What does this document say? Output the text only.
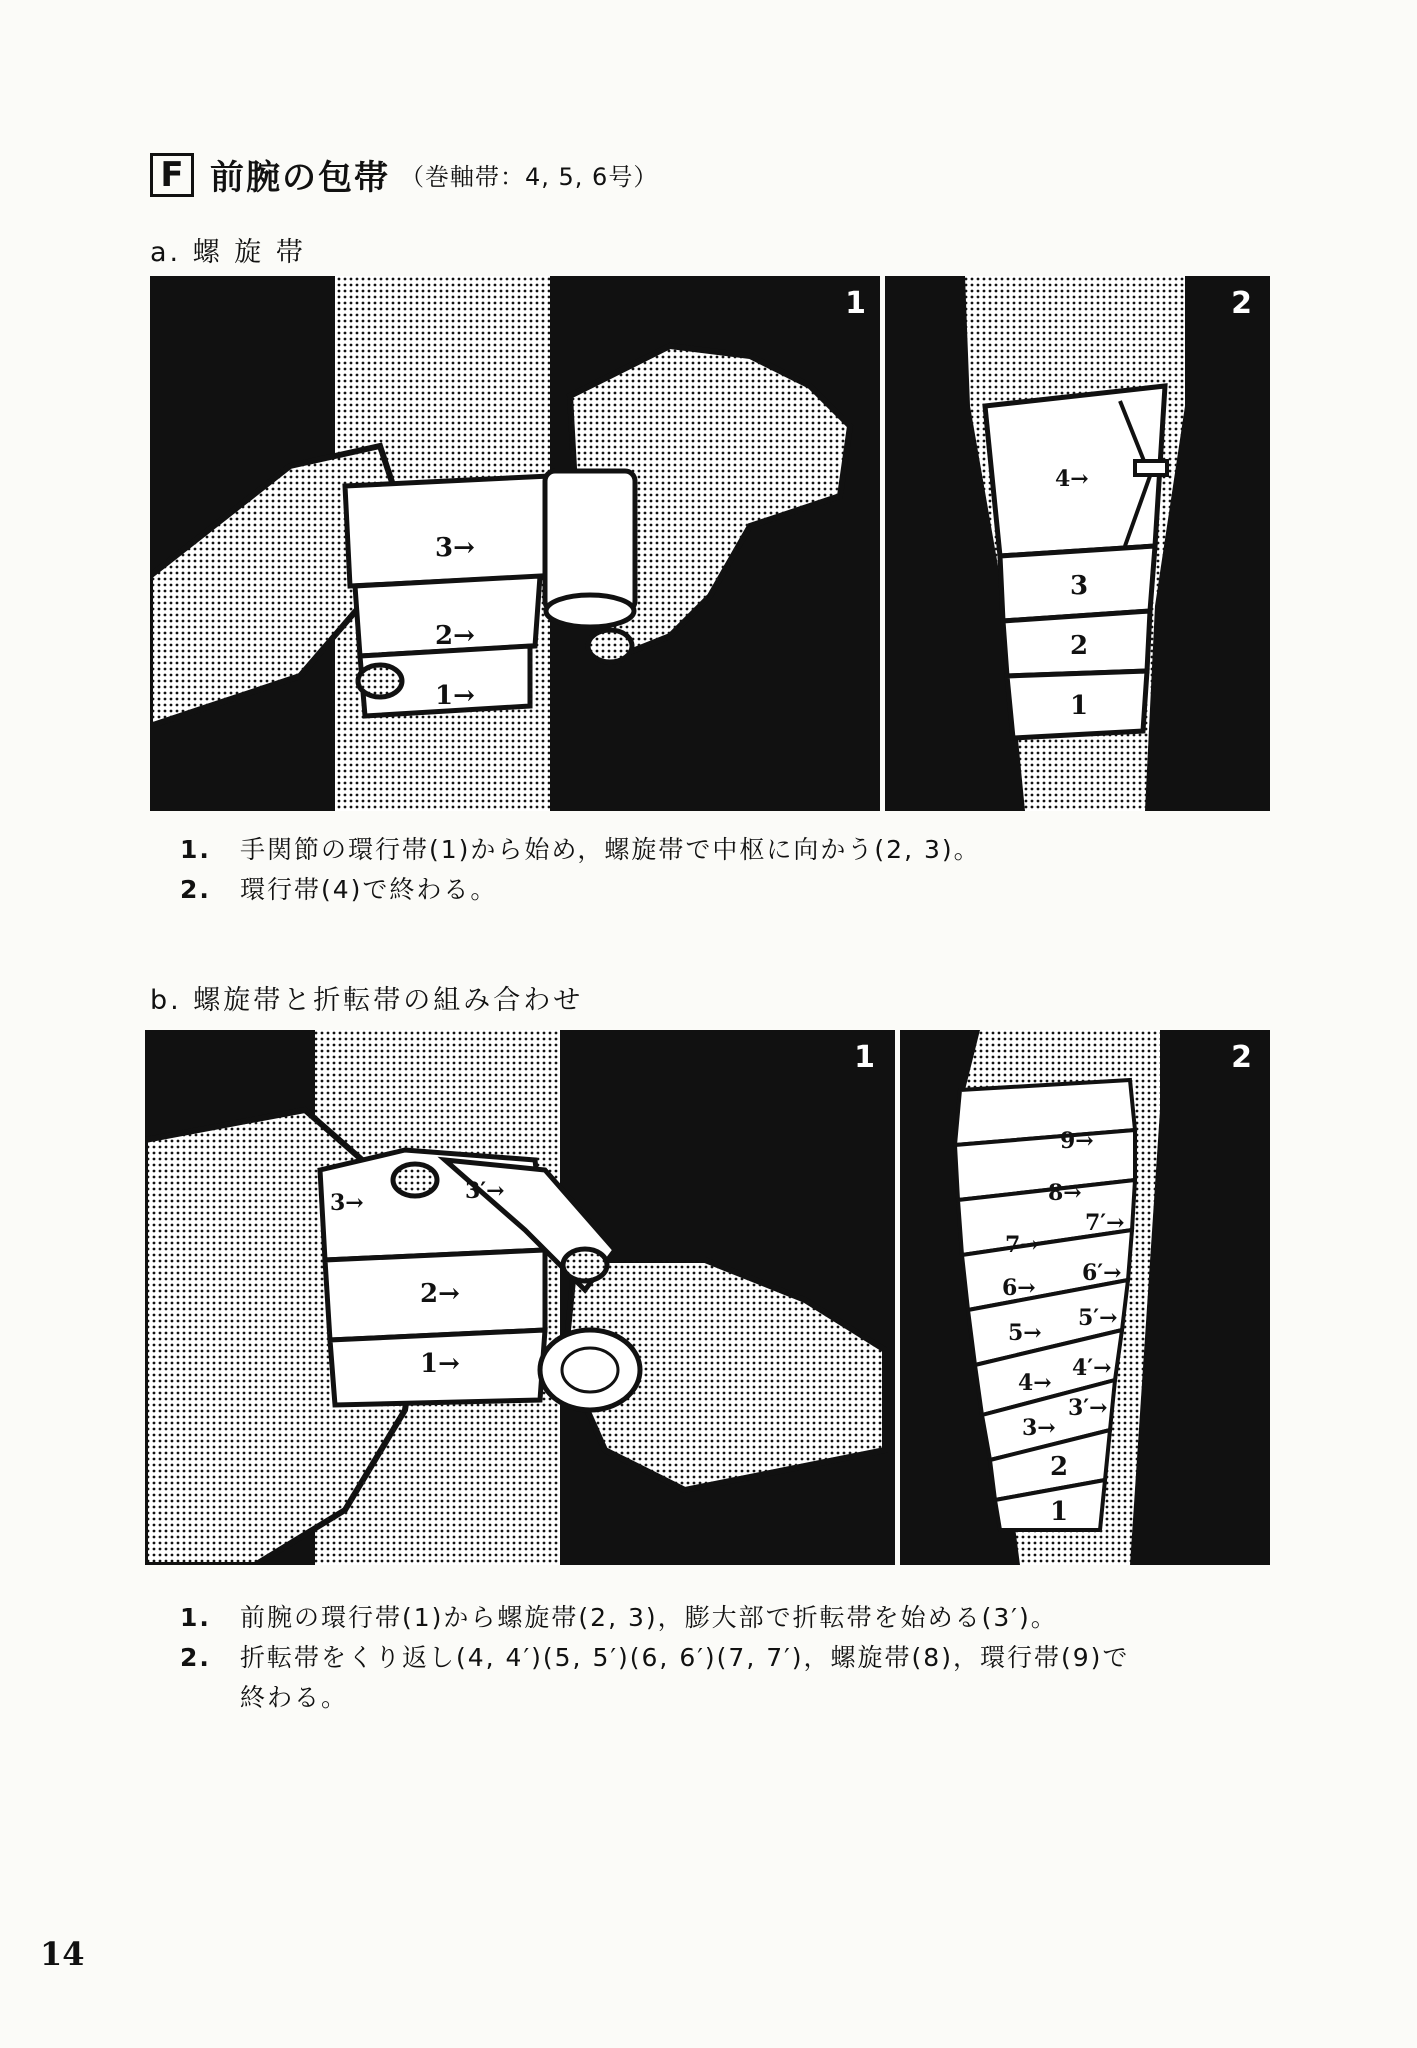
F 前腕の包帯 （巻軸帯：4, 5, 6号）
a. 螺 旋 帯
3→
2→
1→
1
4→
3
2
1
2
1.	手関節の環行帯(1)から始め，螺旋帯で中枢に向かう(2, 3)。
2.	環行帯(4)で終わる。
b. 螺旋帯と折転帯の組み合わせ
3→	3′→
2→
1→
1
9→
8→
7→
7′→
6→
6′→
5→
5′→
4→
4′→
3→
3′→
2
1
2
1.	前腕の環行帯(1)から螺旋帯(2, 3)，膨大部で折転帯を始める(3′)。
2.	折転帯をくり返し(4, 4′)(5, 5′)(6, 6′)(7, 7′)，螺旋帯(8)，環行帯(9)で
終わる。
14
